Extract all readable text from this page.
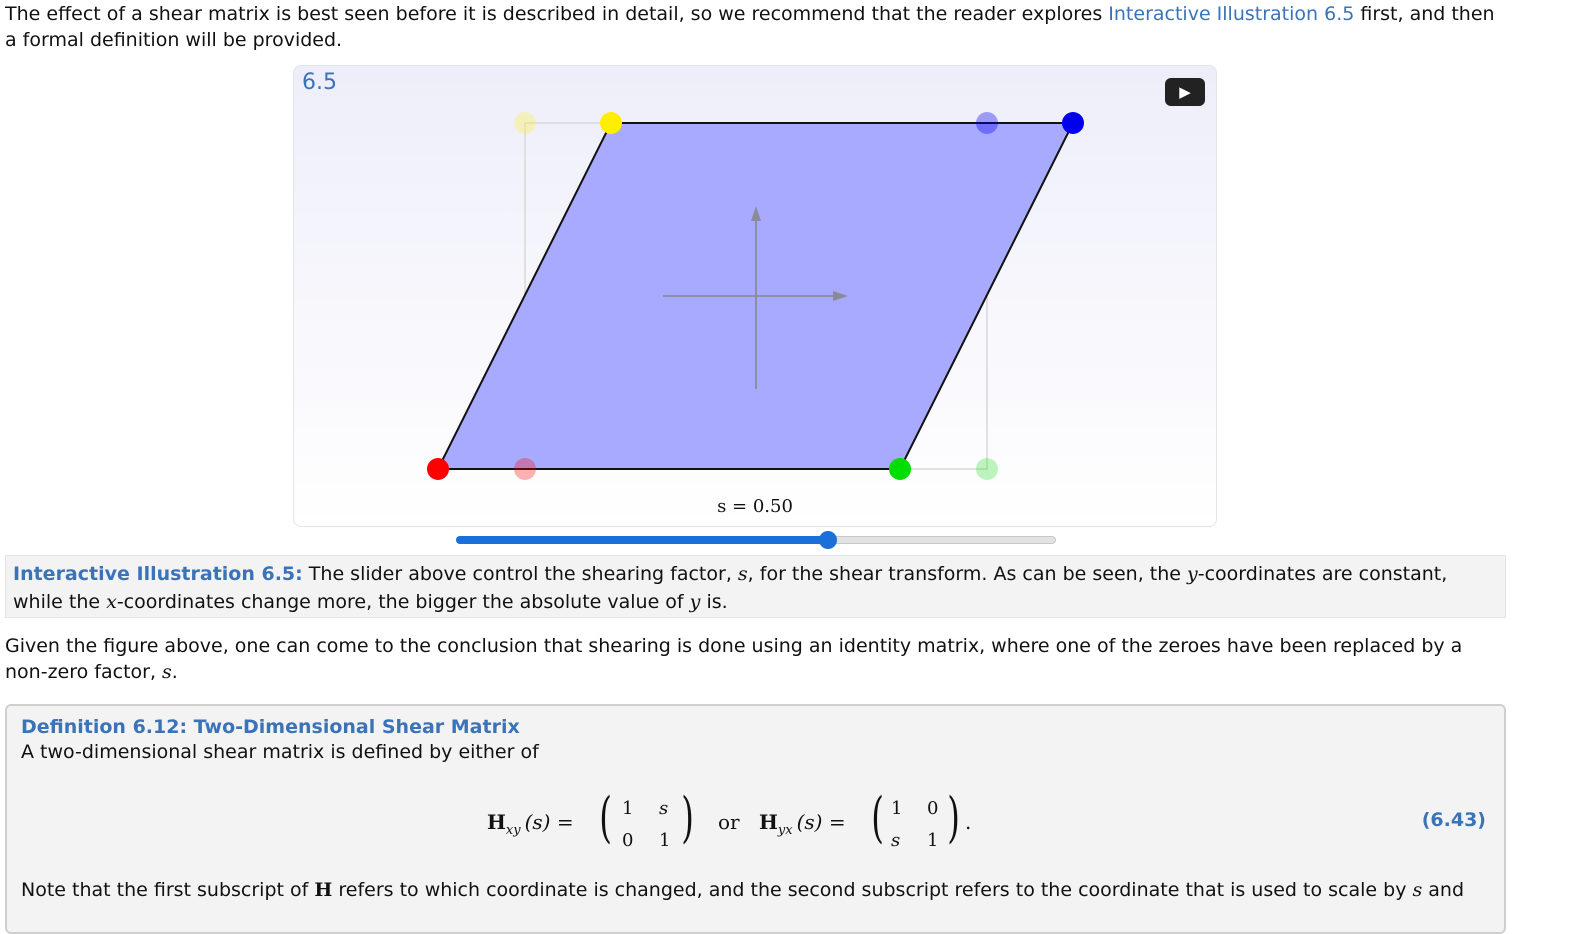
The effect of a shear matrix is best seen before it is described in detail, so we recommend that the reader explores Interactive Illustration 6.5 first, and then a formal definition will be provided.

6.5	▶
s = 0.50
Interactive Illustration 6.5: The slider above control the shearing factor, s, for the shear transform. As can be seen, the y-coordinates are constant, while the x-coordinates change more, the bigger the absolute value of y is.

Given the figure above, one can come to the conclusion that shearing is done using an identity matrix, where one of the zeroes have been replaced by a non-zero factor, s.

Definition 6.12: Two-Dimensional Shear Matrix
A two-dimensional shear matrix is defined by either of
$H_{xy}$ (s) = ( 1 s
0 1 ) or $H_{yx}$ (s) = ( 1 0
s 1 ) .	(6.43)
Note that the first subscript of H refers to which coordinate is changed, and the second subscript refers to the coordinate that is used to scale by s and
